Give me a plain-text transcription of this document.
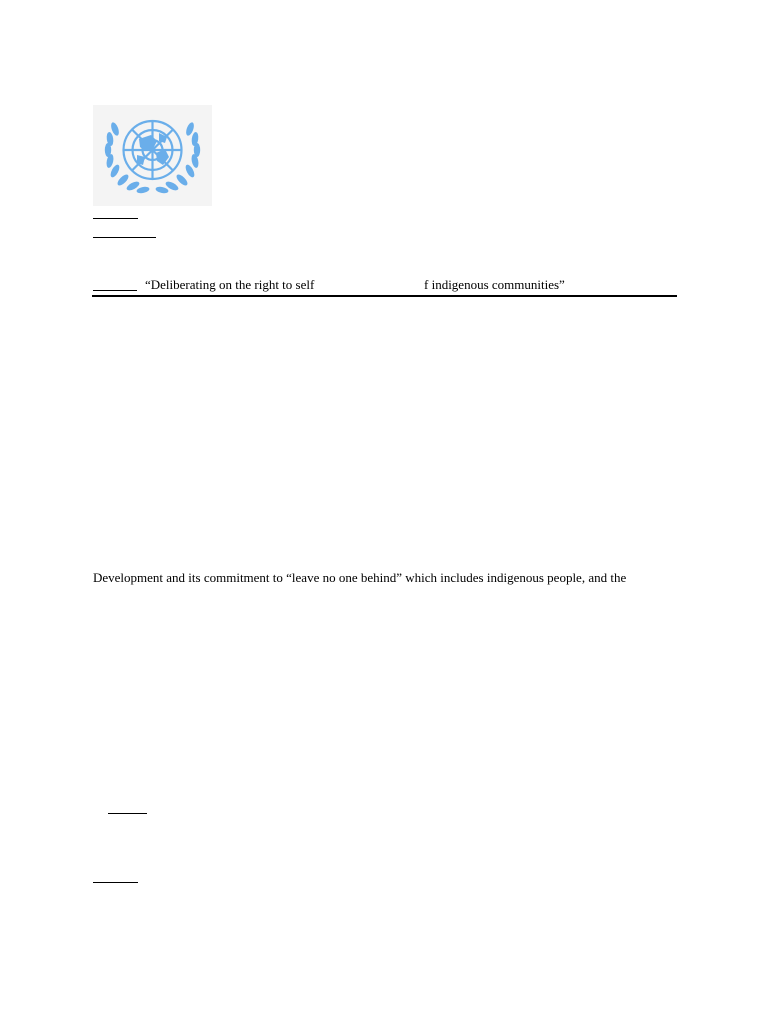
“Deliberating on the right to self	f indigenous communities”
Development and its commitment to “leave no one behind” which includes indigenous people, and the
